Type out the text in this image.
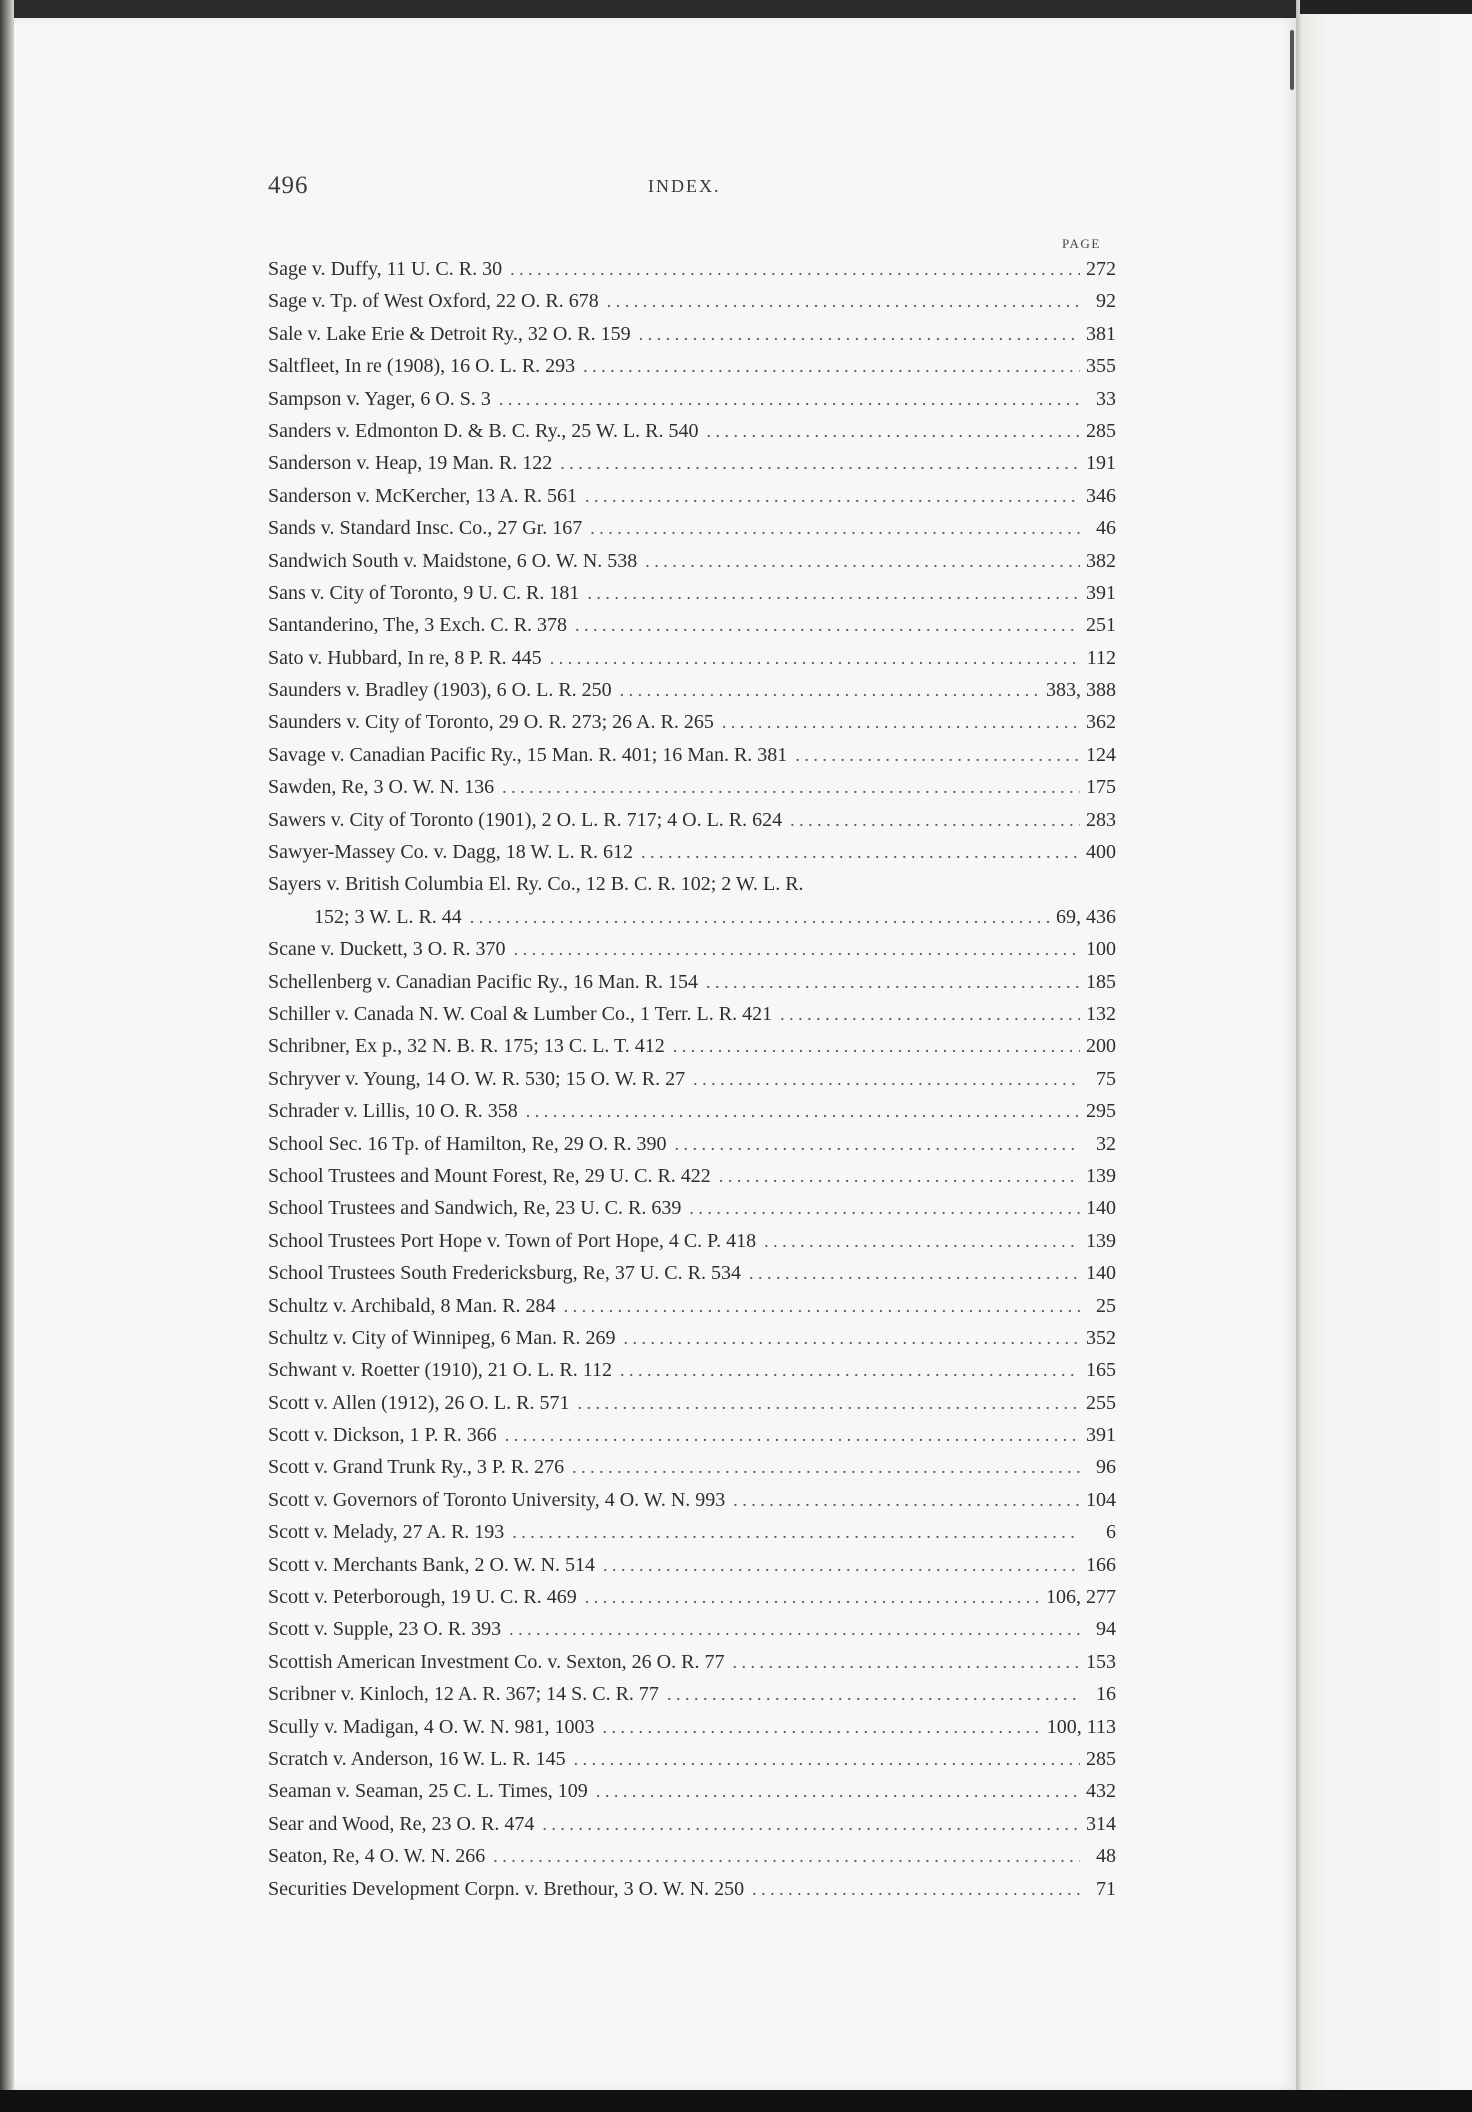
496	INDEX.
PAGE
Sage v. Duffy, 11 U. C. R. 30 . . .	272
Sage v. Tp. of West Oxford, 22 O. R. 678 . . .	92
Sale v. Lake Erie & Detroit Ry., 32 O. R. 159 . . .	381
Saltfleet, In re (1908), 16 O. L. R. 293 . . .	355
Sampson v. Yager, 6 O. S. 3 . . .	33
Sanders v. Edmonton D. & B. C. Ry., 25 W. L. R. 540 . . .	285
Sanderson v. Heap, 19 Man. R. 122 . . .	191
Sanderson v. McKercher, 13 A. R. 561 . . .	346
Sands v. Standard Insc. Co., 27 Gr. 167 . . .	46
Sandwich South v. Maidstone, 6 O. W. N. 538 . . .	382
Sans v. City of Toronto, 9 U. C. R. 181 . . .	391
Santanderino, The, 3 Exch. C. R. 378 . . .	251
Sato v. Hubbard, In re, 8 P. R. 445 . . .	112
Saunders v. Bradley (1903), 6 O. L. R. 250 . . .	383, 388
Saunders v. City of Toronto, 29 O. R. 273; 26 A. R. 265 . . .	362
Savage v. Canadian Pacific Ry., 15 Man. R. 401; 16 Man. R. 381 . . .	124
Sawden, Re, 3 O. W. N. 136 . . .	175
Sawers v. City of Toronto (1901), 2 O. L. R. 717; 4 O. L. R. 624 . . .	283
Sawyer-Massey Co. v. Dagg, 18 W. L. R. 612 . . .	400
Sayers v. British Columbia El. Ry. Co., 12 B. C. R. 102; 2 W. L. R.
152; 3 W. L. R. 44 . . .	69, 436
Scane v. Duckett, 3 O. R. 370 . . .	100
Schellenberg v. Canadian Pacific Ry., 16 Man. R. 154 . . .	185
Schiller v. Canada N. W. Coal & Lumber Co., 1 Terr. L. R. 421 . . .	132
Schribner, Ex p., 32 N. B. R. 175; 13 C. L. T. 412 . . .	200
Schryver v. Young, 14 O. W. R. 530; 15 O. W. R. 27 . . .	75
Schrader v. Lillis, 10 O. R. 358 . . .	295
School Sec. 16 Tp. of Hamilton, Re, 29 O. R. 390 . . .	32
School Trustees and Mount Forest, Re, 29 U. C. R. 422 . . .	139
School Trustees and Sandwich, Re, 23 U. C. R. 639 . . .	140
School Trustees Port Hope v. Town of Port Hope, 4 C. P. 418 . . .	139
School Trustees South Fredericksburg, Re, 37 U. C. R. 534 . . .	140
Schultz v. Archibald, 8 Man. R. 284 . . .	25
Schultz v. City of Winnipeg, 6 Man. R. 269 . . .	352
Schwant v. Roetter (1910), 21 O. L. R. 112 . . .	165
Scott v. Allen (1912), 26 O. L. R. 571 . . .	255
Scott v. Dickson, 1 P. R. 366 . . .	391
Scott v. Grand Trunk Ry., 3 P. R. 276 . . .	96
Scott v. Governors of Toronto University, 4 O. W. N. 993 . . .	104
Scott v. Melady, 27 A. R. 193 . . .	6
Scott v. Merchants Bank, 2 O. W. N. 514 . . .	166
Scott v. Peterborough, 19 U. C. R. 469 . . .	106, 277
Scott v. Supple, 23 O. R. 393 . . .	94
Scottish American Investment Co. v. Sexton, 26 O. R. 77 . . .	153
Scribner v. Kinloch, 12 A. R. 367; 14 S. C. R. 77 . . .	16
Scully v. Madigan, 4 O. W. N. 981, 1003 . . .	100, 113
Scratch v. Anderson, 16 W. L. R. 145 . . .	285
Seaman v. Seaman, 25 C. L. Times, 109 . . .	432
Sear and Wood, Re, 23 O. R. 474 . . .	314
Seaton, Re, 4 O. W. N. 266 . . .	48
Securities Development Corpn. v. Brethour, 3 O. W. N. 250 . . .	71
